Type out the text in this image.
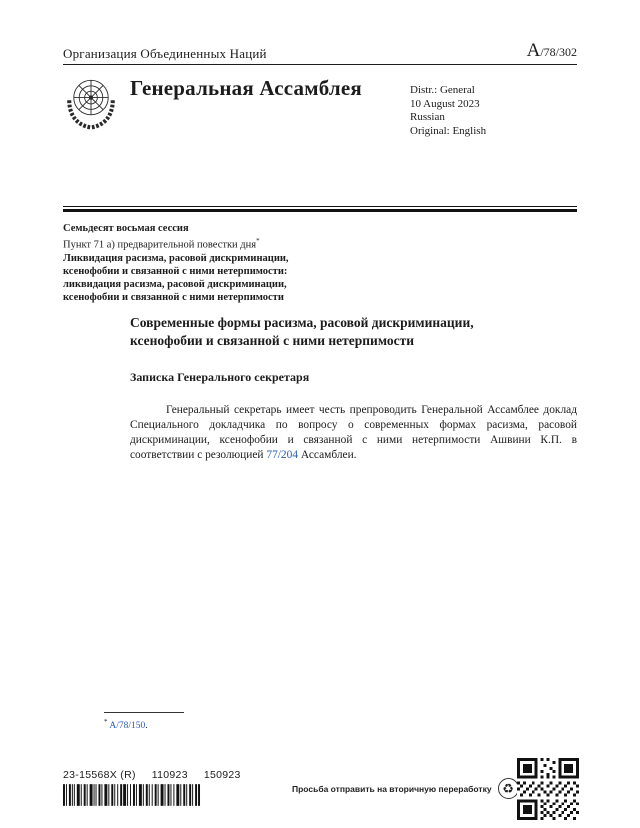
Организация Объединенных Наций	A/78/302
Генеральная Ассамблея	Distr.: General
10 August 2023
Russian
Original: English
Семьдесят восьмая сессия
Пункт 71 а) предварительной повестки дня*
Ликвидация расизма, расовой дискриминации,
ксенофобии и связанной с ними нетерпимости:
ликвидация расизма, расовой дискриминации,
ксенофобии и связанной с ними нетерпимости
Современные формы расизма, расовой дискриминации,
ксенофобии и связанной с ними нетерпимости
Записка Генерального секретаря

Генеральный секретарь имеет честь препроводить Генеральной Ассамблее доклад Специального докладчика по вопросу о современных формах расизма, расовой дискриминации, ксенофобии и связанной с ними нетерпимости Ашвини К.П. в соответствии с резолюцией 77/204 Ассамблеи.

* A/78/150.
23-15568X (R) 110923 150923
Просьба отправить на вторичную переработку ♻
